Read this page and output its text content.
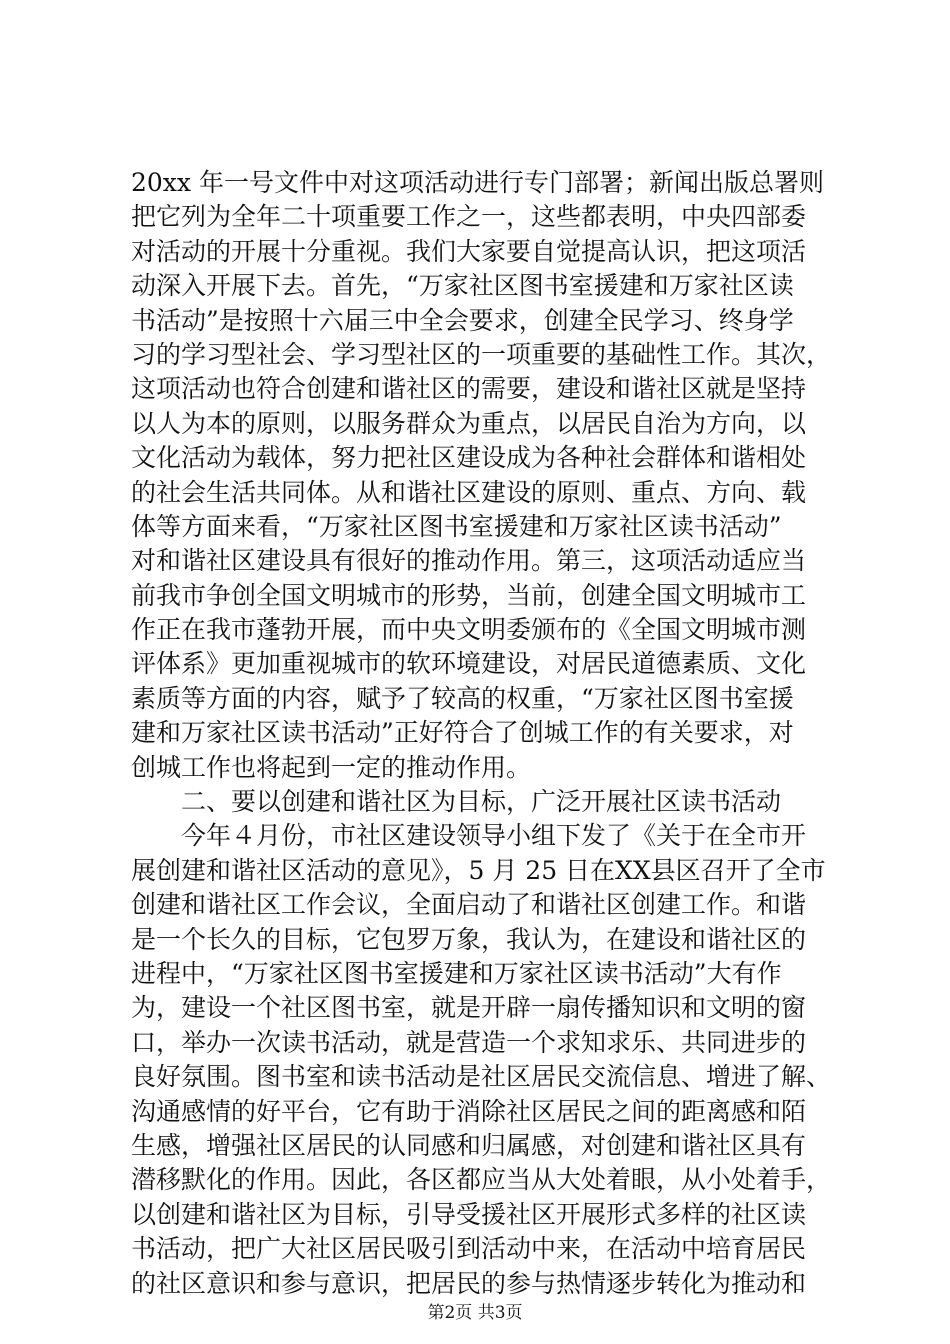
20xx 年一号文件中对这项活动进行专门部署；新闻出版总署则
把它列为全年二十项重要工作之一，这些都表明，中央四部委
对活动的开展十分重视。我们大家要自觉提高认识，把这项活
动深入开展下去。首先，“万家社区图书室援建和万家社区读
书活动”是按照十六届三中全会要求，创建全民学习、终身学
习的学习型社会、学习型社区的一项重要的基础性工作。其次，
这项活动也符合创建和谐社区的需要，建设和谐社区就是坚持
以人为本的原则，以服务群众为重点，以居民自治为方向，以
文化活动为载体，努力把社区建设成为各种社会群体和谐相处
的社会生活共同体。从和谐社区建设的原则、重点、方向、载
体等方面来看，“万家社区图书室援建和万家社区读书活动”
对和谐社区建设具有很好的推动作用。第三，这项活动适应当
前我市争创全国文明城市的形势，当前，创建全国文明城市工
作正在我市蓬勃开展，而中央文明委颁布的《全国文明城市测
评体系》更加重视城市的软环境建设，对居民道德素质、文化
素质等方面的内容，赋予了较高的权重，“万家社区图书室援
建和万家社区读书活动”正好符合了创城工作的有关要求，对
创城工作也将起到一定的推动作用。
　　二、要以创建和谐社区为目标，广泛开展社区读书活动
　　今年４月份，市社区建设领导小组下发了《关于在全市开
展创建和谐社区活动的意见》，5 月 25 日在XX县区召开了全市
创建和谐社区工作会议，全面启动了和谐社区创建工作。和谐
是一个长久的目标，它包罗万象，我认为，在建设和谐社区的
进程中，“万家社区图书室援建和万家社区读书活动”大有作
为，建设一个社区图书室，就是开辟一扇传播知识和文明的窗
口，举办一次读书活动，就是营造一个求知求乐、共同进步的
良好氛围。图书室和读书活动是社区居民交流信息、增进了解、
沟通感情的好平台，它有助于消除社区居民之间的距离感和陌
生感，增强社区居民的认同感和归属感，对创建和谐社区具有
潜移默化的作用。因此，各区都应当从大处着眼，从小处着手，
以创建和谐社区为目标，引导受援社区开展形式多样的社区读
书活动，把广大社区居民吸引到活动中来，在活动中培育居民
的社区意识和参与意识，把居民的参与热情逐步转化为推动和
第2页 共3页
